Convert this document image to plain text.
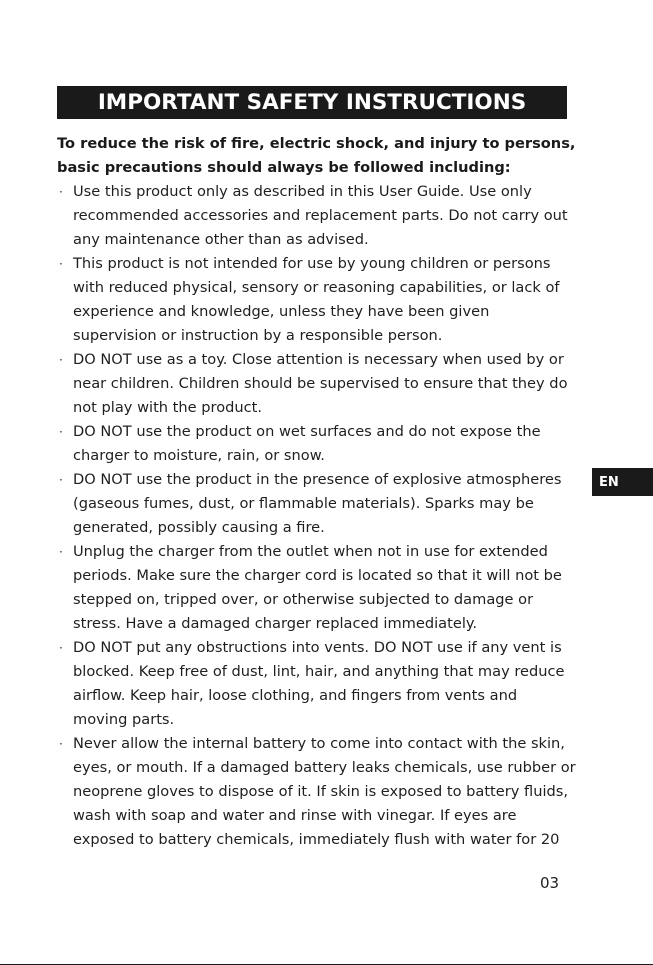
IMPORTANT SAFETY INSTRUCTIONS
To reduce the risk of fire, electric shock, and injury to persons,
basic precautions should always be followed including:
· Use this product only as described in this User Guide. Use only
recommended accessories and replacement parts. Do not carry out
any maintenance other than as advised.
· This product is not intended for use by young children or persons
with reduced physical, sensory or reasoning capabilities, or lack of
experience and knowledge, unless they have been given
supervision or instruction by a responsible person.
· DO NOT use as a toy. Close attention is necessary when used by or
near children. Children should be supervised to ensure that they do
not play with the product.
· DO NOT use the product on wet surfaces and do not expose the
charger to moisture, rain, or snow.
· DO NOT use the product in the presence of explosive atmospheres
(gaseous fumes, dust, or flammable materials). Sparks may be
generated, possibly causing a fire.
· Unplug the charger from the outlet when not in use for extended
periods. Make sure the charger cord is located so that it will not be
stepped on, tripped over, or otherwise subjected to damage or
stress. Have a damaged charger replaced immediately.
· DO NOT put any obstructions into vents. DO NOT use if any vent is
blocked. Keep free of dust, lint, hair, and anything that may reduce
airflow. Keep hair, loose clothing, and fingers from vents and
moving parts.
· Never allow the internal battery to come into contact with the skin,
eyes, or mouth. If a damaged battery leaks chemicals, use rubber or
neoprene gloves to dispose of it. If skin is exposed to battery fluids,
wash with soap and water and rinse with vinegar. If eyes are
exposed to battery chemicals, immediately flush with water for 20
EN
03
